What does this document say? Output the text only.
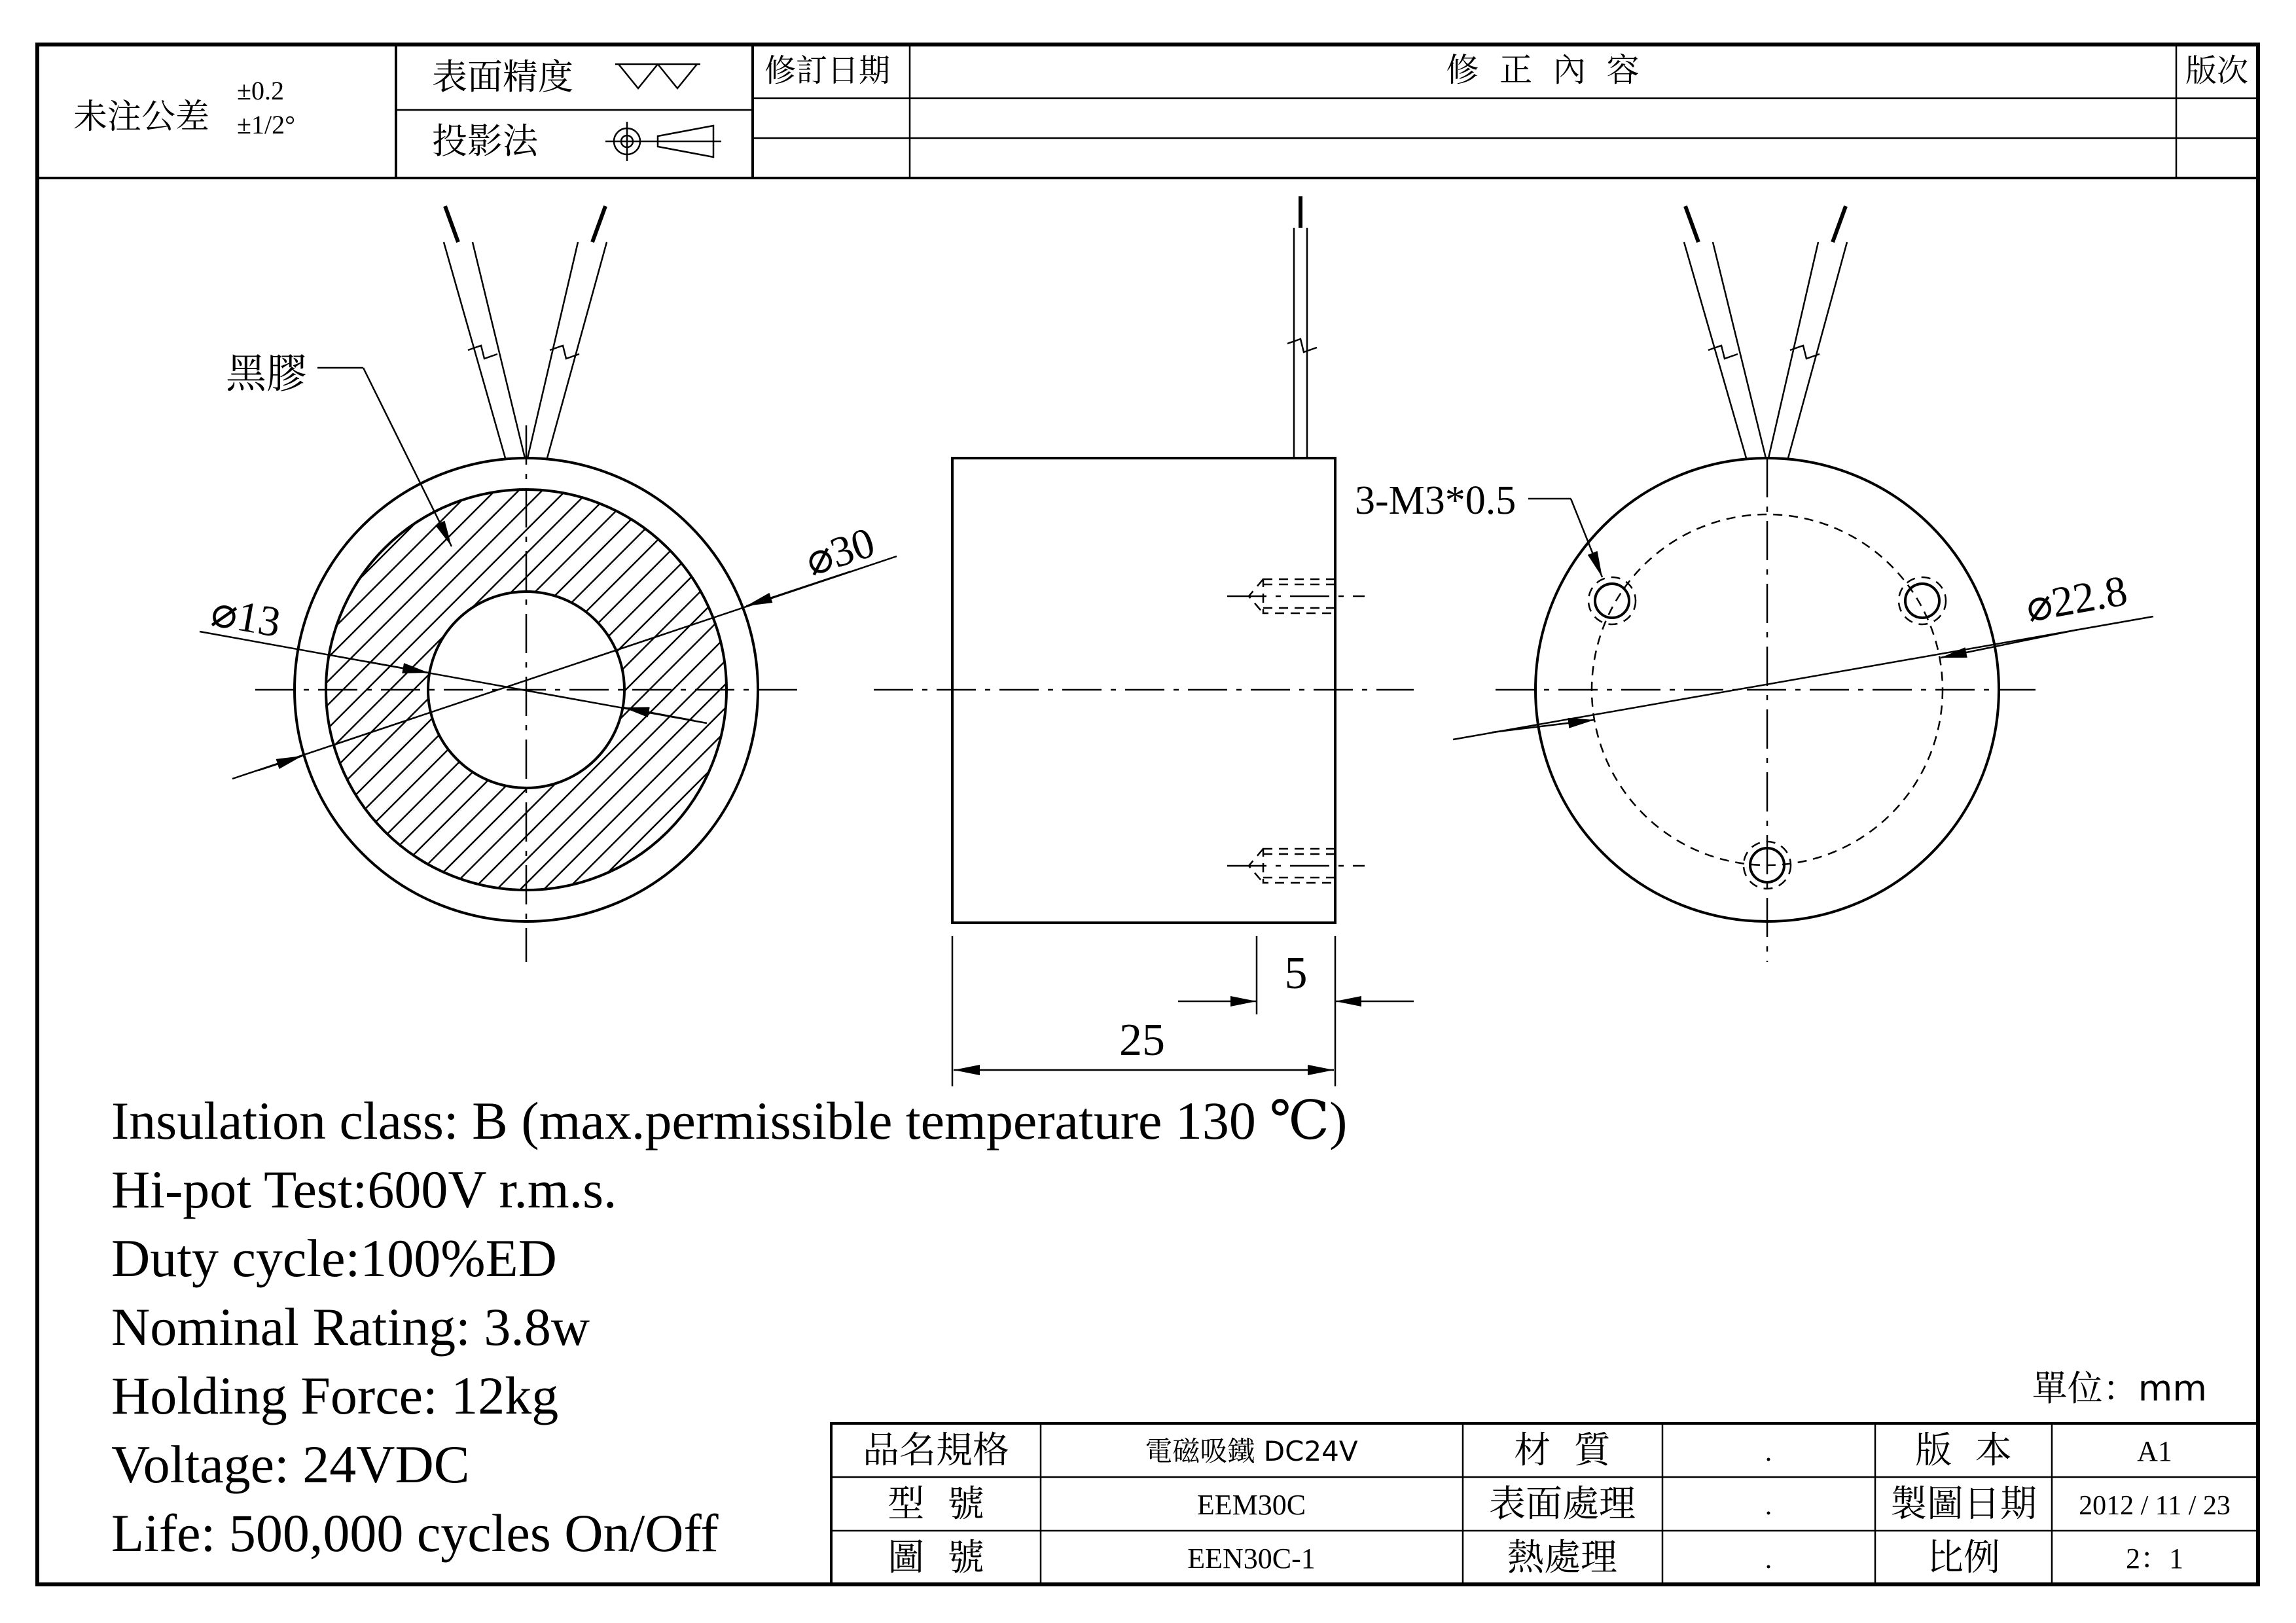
未注公差
±0.2
±1/2°
表面精度
投影法
修訂日期	修  正  內  容	版次
黑膠
⌀30
⌀13
5
25
3-M3*0.5
⌀22.8
Insulation class: B (max.permissible temperature 130 ℃)
Hi-pot Test:600V r.m.s.
Duty cycle:100%ED
Nominal Rating: 3.8w
Holding Force: 12kg
Voltage: 24VDC
Life: 500,000 cycles On/Off
單位：mm
品名規格	電磁吸鐵 DC24V	材  質	.	版  本	A1
型  號	EEM30C	表面處理	.	製圖日期 2012 / 11 / 23
圖  號	EEN30C-1	熱處理	.	比例	2：1
